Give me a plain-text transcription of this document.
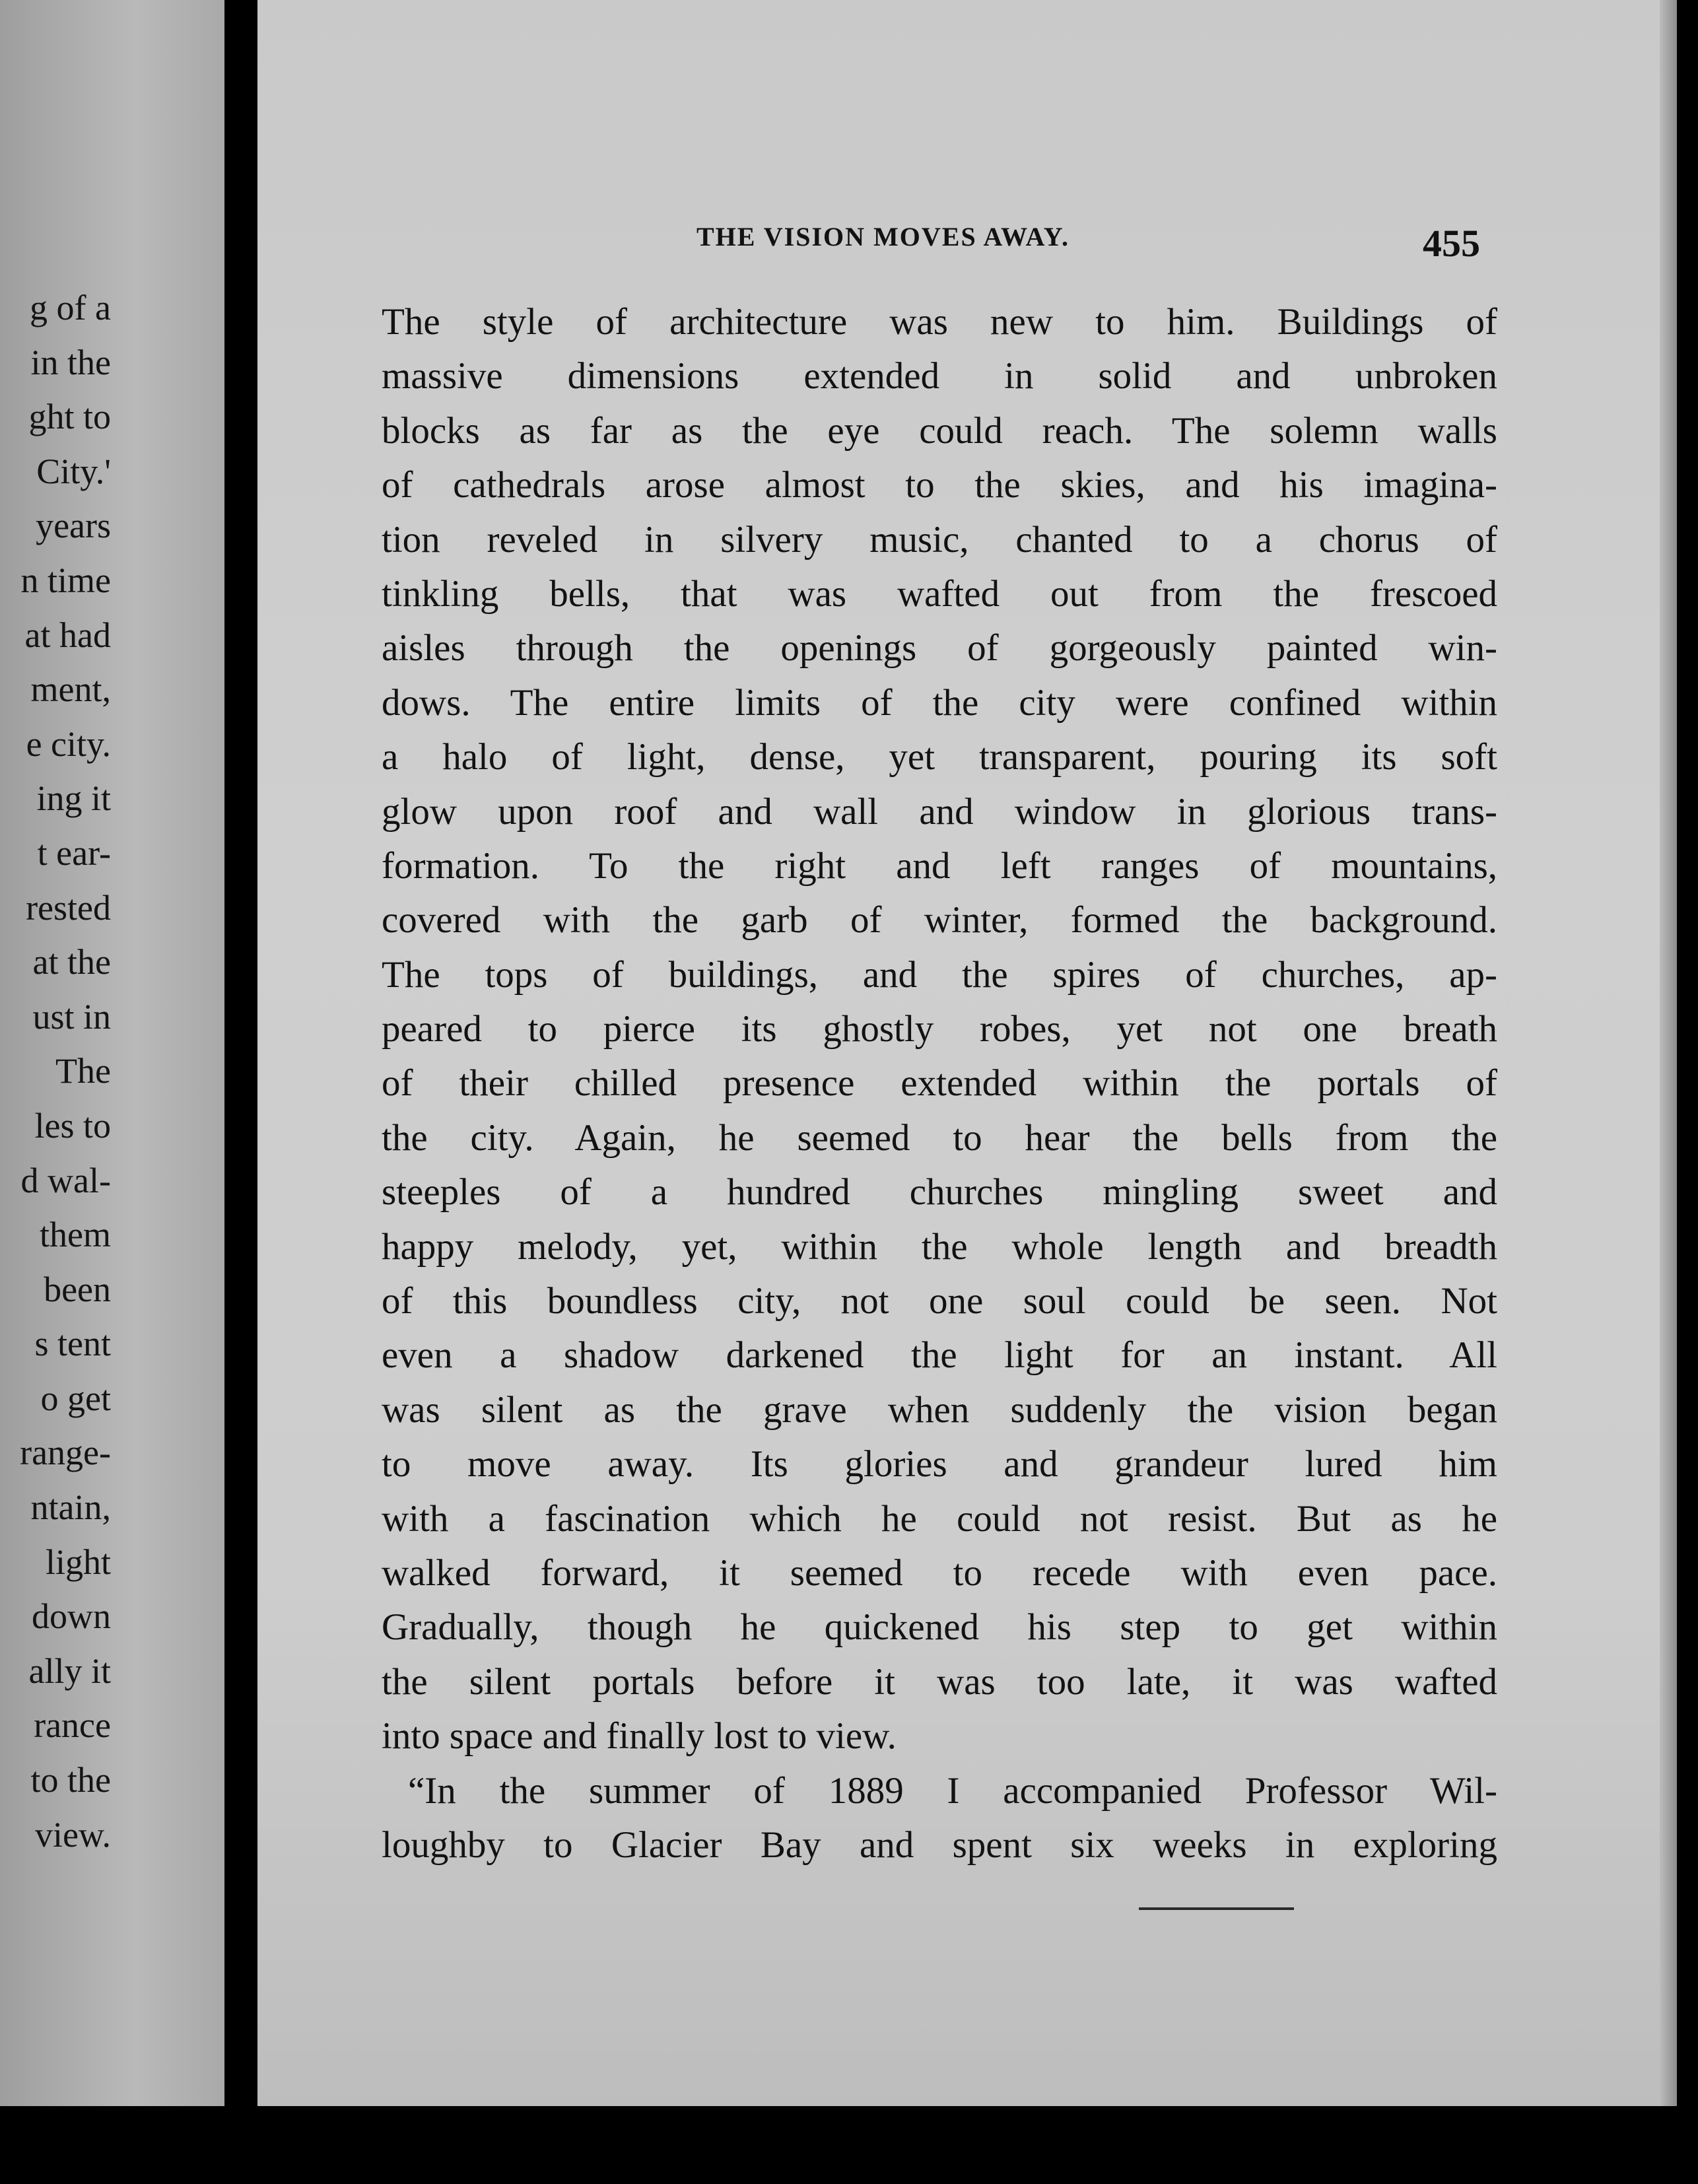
g of a
in the
ght to
City.'
years
n time
at had
ment,
e city.
ing it
t ear-
rested
at the
ust in
The
les to
d wal-
them
been
s tent
o get
range-
ntain,
light
down
ally it
rance
to the
view.
THE VISION MOVES AWAY.	455
The style of architecture was new to him. Buildings of
massive dimensions extended in solid and unbroken
blocks as far as the eye could reach. The solemn walls
of cathedrals arose almost to the skies, and his imagina-
tion reveled in silvery music, chanted to a chorus of
tinkling bells, that was wafted out from the frescoed
aisles through the openings of gorgeously painted win-
dows. The entire limits of the city were confined within
a halo of light, dense, yet transparent, pouring its soft
glow upon roof and wall and window in glorious trans-
formation. To the right and left ranges of mountains,
covered with the garb of winter, formed the background.
The tops of buildings, and the spires of churches, ap-
peared to pierce its ghostly robes, yet not one breath
of their chilled presence extended within the portals of
the city. Again, he seemed to hear the bells from the
steeples of a hundred churches mingling sweet and
happy melody, yet, within the whole length and breadth
of this boundless city, not one soul could be seen. Not
even a shadow darkened the light for an instant. All
was silent as the grave when suddenly the vision began
to move away. Its glories and grandeur lured him
with a fascination which he could not resist. But as he
walked forward, it seemed to recede with even pace.
Gradually, though he quickened his step to get within
the silent portals before it was too late, it was wafted
into space and finally lost to view.
“In the summer of 1889 I accompanied Professor Wil-
loughby to Glacier Bay and spent six weeks in exploring
